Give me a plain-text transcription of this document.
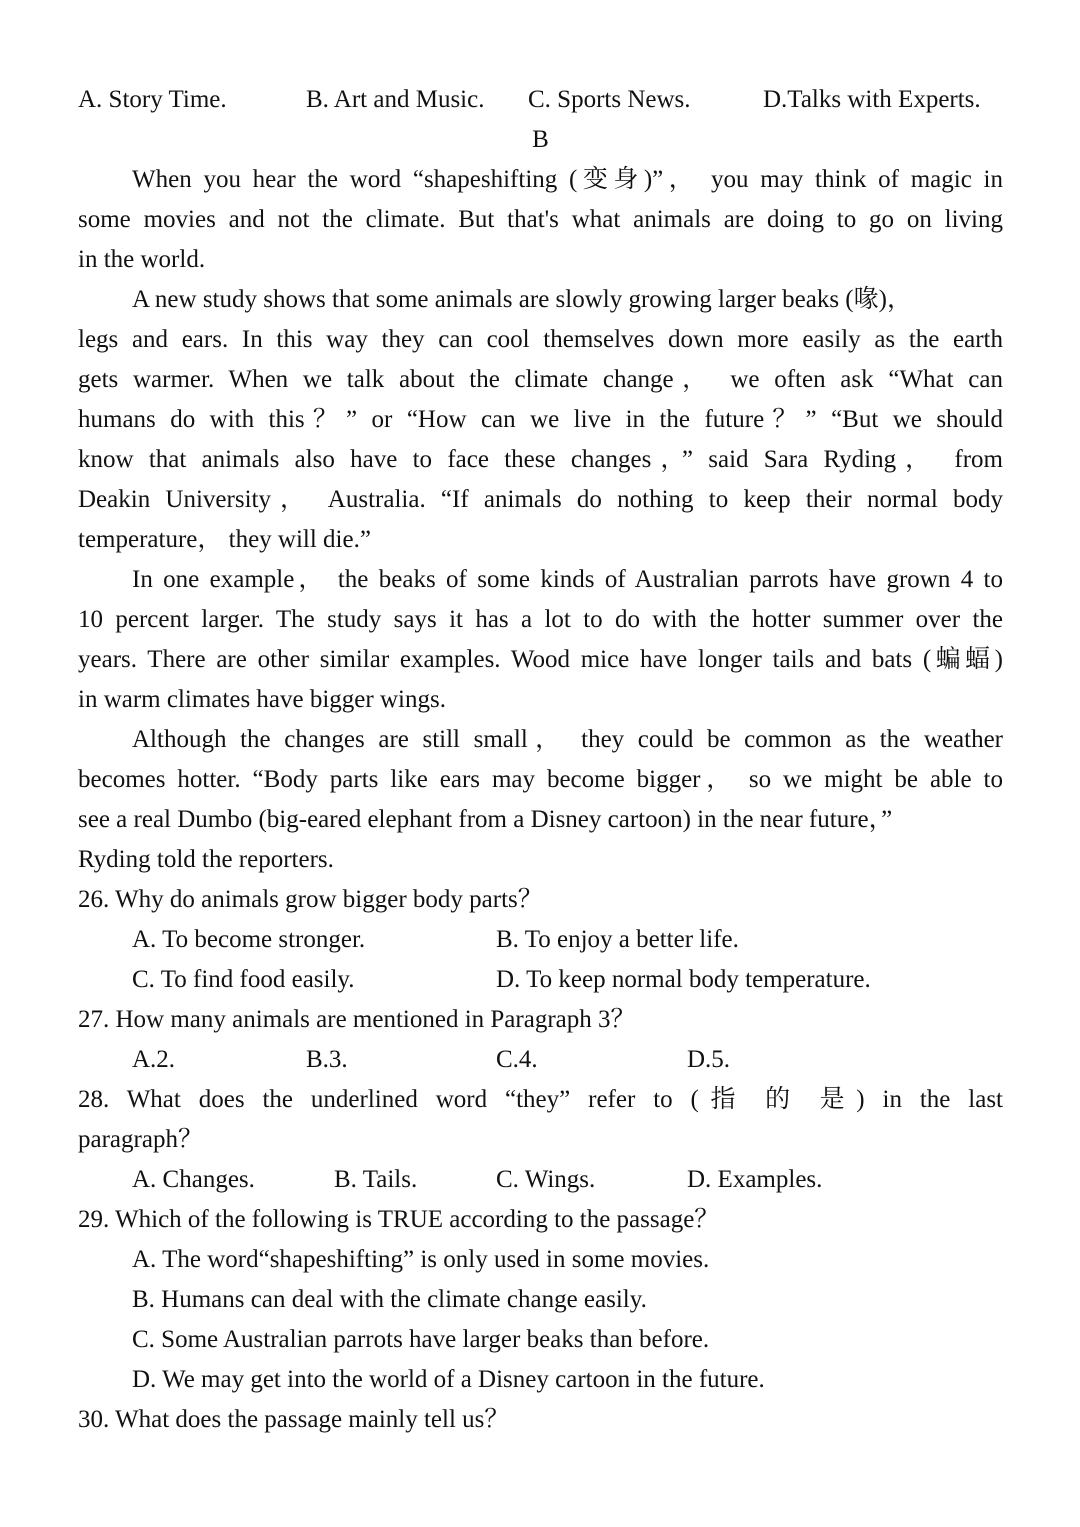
A. Story Time.	B. Art and Music.	C. Sports News.	D.Talks with Experts.
B
When you hear the word “shapeshifting (变身)”， you may think of magic in
some movies and not the climate. But that's what animals are doing to go on living
in the world.
A new study shows that some animals are slowly growing larger beaks (喙)，
legs and ears. In this way they can cool themselves down more easily as the earth
gets warmer. When we talk about the climate change， we often ask “What can
humans do with this？” or “How can we live in the future？” “But we should
know that animals also have to face these changes，” said Sara Ryding， from
Deakin University， Australia. “If animals do nothing to keep their normal body
temperature， they will die.”
In one example， the beaks of some kinds of Australian parrots have grown 4 to
10 percent larger. The study says it has a lot to do with the hotter summer over the
years. There are other similar examples. Wood mice have longer tails and bats (蝙蝠)
in warm climates have bigger wings.
Although the changes are still small， they could be common as the weather
becomes hotter. “Body parts like ears may become bigger， so we might be able to
see a real Dumbo (big-eared elephant from a Disney cartoon) in the near future，”
Ryding told the reporters.
26. Why do animals grow bigger body parts？
A. To become stronger.	B. To enjoy a better life.
C. To find food easily.	D. To keep normal body temperature.
27. How many animals are mentioned in Paragraph 3？
A.2.	B.3.	C.4.	D.5.
28. What does the underlined word “they” refer to (指 的 是) in the last
paragraph？
A. Changes.	B. Tails.	C. Wings.	D. Examples.
29. Which of the following is TRUE according to the passage？
A. The word“shapeshifting” is only used in some movies.
B. Humans can deal with the climate change easily.
C. Some Australian parrots have larger beaks than before.
D. We may get into the world of a Disney cartoon in the future.
30. What does the passage mainly tell us？
